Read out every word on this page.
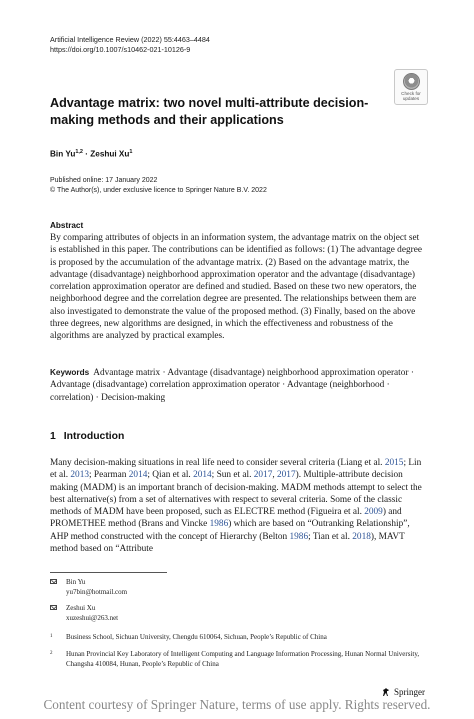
Artificial Intelligence Review (2022) 55:4463–4484
https://doi.org/10.1007/s10462-021-10126-9
Check for
updates
Advantage matrix: two novel multi-attribute decision-making methods and their applications
Bin Yu$^{1,2}$ · Zeshui Xu$^1$
Published online: 17 January 2022
© The Author(s), under exclusive licence to Springer Nature B.V. 2022
Abstract
By comparing attributes of objects in an information system, the advantage matrix on the object set is established in this paper. The contributions can be identified as follows: (1) The advantage degree is proposed by the accumulation of the advantage matrix. (2) Based on the advantage matrix, the advantage (disadvantage) neighborhood approximation operator and the advantage (disadvantage) correlation approximation operator are defined and studied. Based on these two new operators, the neighborhood degree and the correlation degree are presented. The relationships between them are also investigated to demonstrate the value of the proposed method. (3) Finally, based on the above three degrees, new algorithms are designed, in which the effectiveness and robustness of the algorithms are analyzed by practical examples.
Keywords Advantage matrix · Advantage (disadvantage) neighborhood approximation operator · Advantage (disadvantage) correlation approximation operator · Advantage (neighborhood · correlation) · Decision-making
1 Introduction
Many decision-making situations in real life need to consider several criteria (Liang et al. 2015; Lin et al. 2013; Pearman 2014; Qian et al. 2014; Sun et al. 2017, 2017). Multiple-attribute decision making (MADM) is an important branch of decision-making. MADM methods attempt to select the best alternative(s) from a set of alternatives with respect to several criteria. Some of the classic methods of MADM have been proposed, such as ELECTRE method (Figueira et al. 2009) and PROMETHEE method (Brans and Vincke 1986) which are based on “Outranking Relationship”, AHP method constructed with the concept of Hierarchy (Belton 1986; Tian et al. 2018), MAVT method based on “Attribute
Bin Yu
yu7bin@hotmail.com
Zeshui Xu
xuzeshui@263.net
1 Business School, Sichuan University, Chengdu 610064, Sichuan, People’s Republic of China
2 Hunan Provincial Key Laboratory of Intelligent Computing and Language Information Processing, Hunan Normal University, Changsha 410084, Hunan, People’s Republic of China
Springer
Content courtesy of Springer Nature, terms of use apply. Rights reserved.
